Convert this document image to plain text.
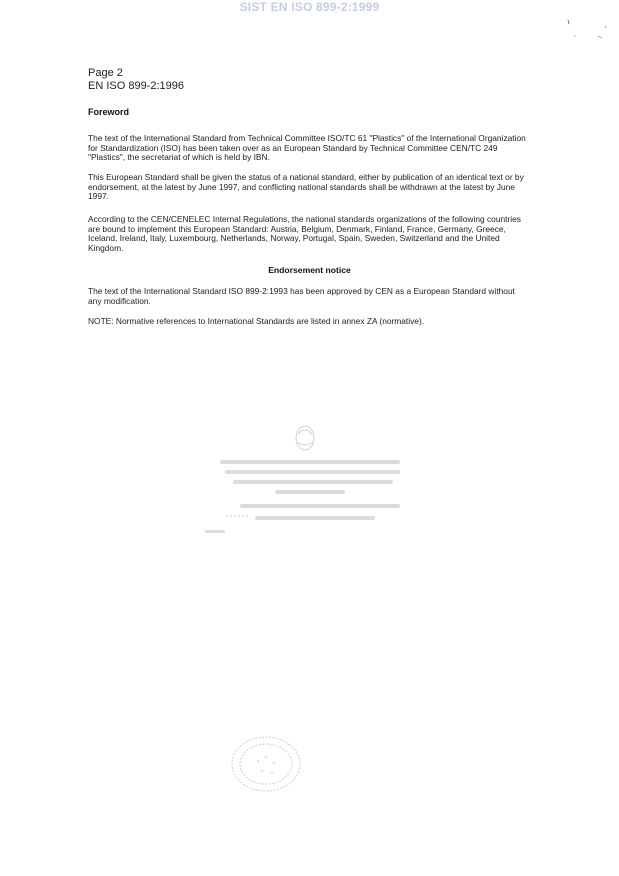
SIST EN ISO 899-2:1999
Page 2
EN ISO 899-2:1996
Foreword

The text of the International Standard from Technical Committee ISO/TC 61 "Plastics" of the International Organization for Standardization (ISO) has been taken over as an European Standard by Technical Committee CEN/TC 249 "Plastics", the secretariat of which is held by IBN.

This European Standard shall be given the status of a national standard, either by publication of an identical text or by endorsement, at the latest by June 1997, and conflicting national standards shall be withdrawn at the latest by June 1997.

According to the CEN/CENELEC Internal Regulations, the national standards organizations of the following countries are bound to implement this European Standard: Austria, Belgium, Denmark, Finland, France, Germany, Greece, Iceland, Ireland, Italy, Luxembourg, Netherlands, Norway, Portugal, Spain, Sweden, Switzerland and the United Kingdom.

Endorsement notice

The text of the International Standard ISO 899-2:1993 has been approved by CEN as a European Standard without any modification.

NOTE: Normative references to International Standards are listed in annex ZA (normative).
